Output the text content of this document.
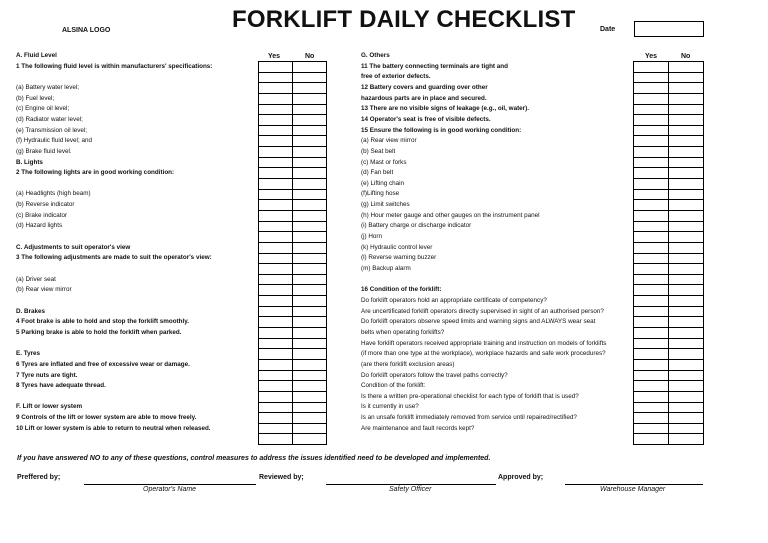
ALSINA LOGO	FORKLIFT DAILY CHECKLIST	Date
Yes	No	Yes	No
A. Fluid Level
1 The following fluid level is within manufacturers' specifications:
(a) Battery water level;
(b) Fuel level;
(c) Engine oil level;
(d) Radiator water level;
(e) Transmission oil level;
(f) Hydraulic fluid level; and
(g) Brake fluid level.
B. Lights
2 The following lights are in good working condition:
(a) Headlights (high beam)
(b) Reverse indicator
(c) Brake indicator
(d) Hazard lights
C. Adjustments to suit operator's view
3 The following adjustments are made to suit the operator's view:
(a) Driver seat
(b) Rear view mirror
D. Brakes
4 Foot brake is able to hold and stop the forklift smoothly.
5 Parking brake is able to hold the forklift when parked.
E. Tyres
6 Tyres are inflated and free of excessive wear or damage.
7 Tyre nuts are tight.
8 Tyres have adequate thread.
F. Lift or lower system
9 Controls of the lift or lower system are able to move freely.
10 Lift or lower system is able to return to neutral when released.
G. Others
11 The battery connecting terminals are tight and
free of exterior defects.
12 Battery covers and guarding over other
hazardous parts are in place and secured.
13 There are no visible signs of leakage (e.g., oil, water).
14 Operator's seat is free of visible defects.
15 Ensure the following is in good working condition:
(a) Rear view mirror
(b) Seat belt
(c) Mast or forks
(d) Fan belt
(e) Lifting chain
(f)Lifting hose
(g) Limit switches
(h) Hour meter gauge and other gauges on the instrument panel
(i) Battery charge or discharge indicator
(j) Horn
(k) Hydraulic control lever
(l) Reverse warning buzzer
(m) Backup alarm
16 Condition of the forklift:
Do forklift operators hold an appropriate certificate of competency?
Are uncertificated forklift operators directly supervised in sight of an authorised person?
Do forklift operators observe speed limits and warning signs and ALWAYS wear seat
belts when operating forklifts?
Have forklift operators received appropriate training and instruction on models of forklifts
(if more than one type at the workplace), workplace hazards and safe work procedures?
(are there forklift exclusion areas)
Do forklift operators follow the travel paths correctly?
Condition of the forklift:
Is there a written pre-operational checklist for each type of forklift that is used?
Is it currently in use?
Is an unsafe forklift immediately removed from service until repaired/rectified?
Are maintenance and fault records kept?

If you have answered NO to any of these questions, control measures to address the issues identified need to be developed and implemented.
Preffered by;
Operator's Name
Reviewed by;
Safety Officer
Approved by;
Warehouse Manager
